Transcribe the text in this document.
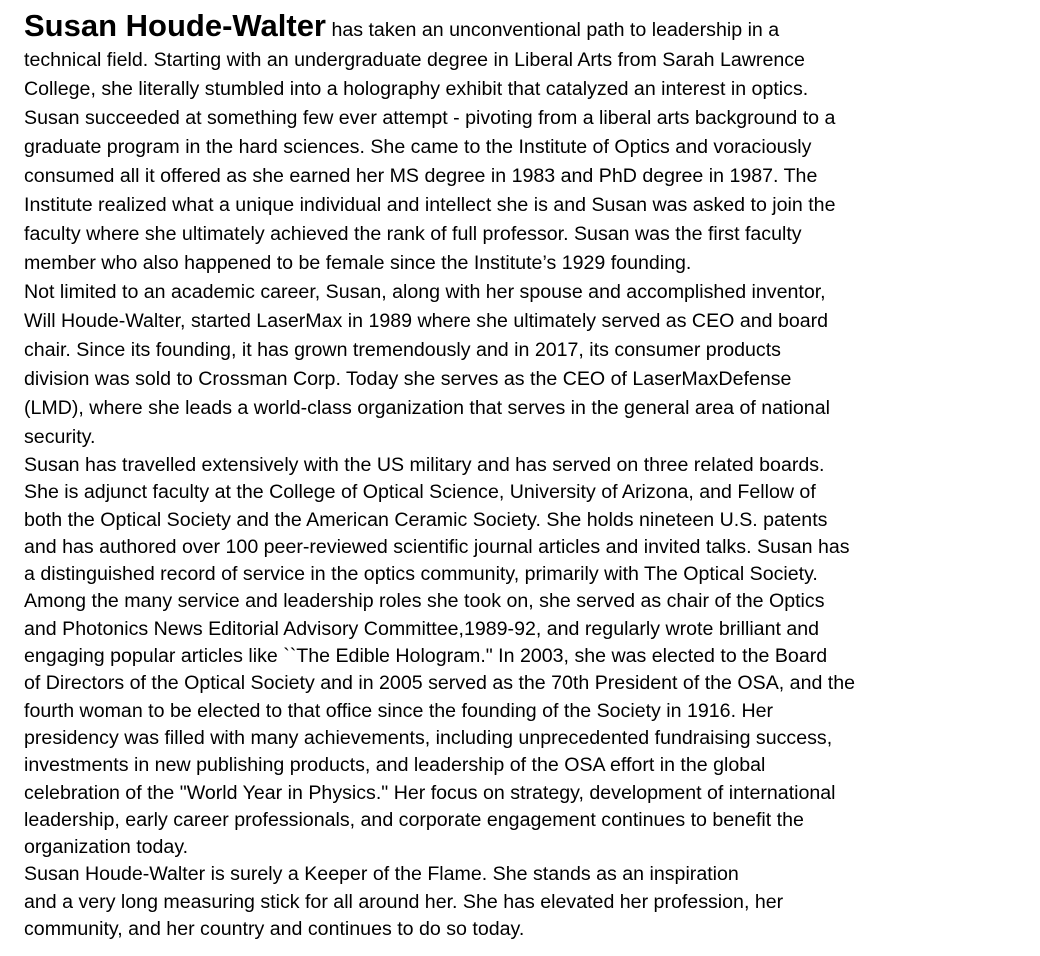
Susan Houde-Walter has taken an unconventional path to leadership in a
technical field. Starting with an undergraduate degree in Liberal Arts from Sarah Lawrence
College, she literally stumbled into a holography exhibit that catalyzed an interest in optics.
Susan succeeded at something few ever attempt - pivoting from a liberal arts background to a
graduate program in the hard sciences. She came to the Institute of Optics and voraciously
consumed all it offered as she earned her MS degree in 1983 and PhD degree in 1987. The
Institute realized what a unique individual and intellect she is and Susan was asked to join the
faculty where she ultimately achieved the rank of full professor. Susan was the first faculty
member who also happened to be female since the Institute’s 1929 founding.
Not limited to an academic career, Susan, along with her spouse and accomplished inventor,
Will Houde-Walter, started LaserMax in 1989 where she ultimately served as CEO and board
chair. Since its founding, it has grown tremendously and in 2017, its consumer products
division was sold to Crossman Corp. Today she serves as the CEO of LaserMaxDefense
(LMD), where she leads a world-class organization that serves in the general area of national
security.
Susan has travelled extensively with the US military and has served on three related boards.
She is adjunct faculty at the College of Optical Science, University of Arizona, and Fellow of
both the Optical Society and the American Ceramic Society. She holds nineteen U.S. patents
and has authored over 100 peer-reviewed scientific journal articles and invited talks. Susan has
a distinguished record of service in the optics community, primarily with The Optical Society.
Among the many service and leadership roles she took on, she served as chair of the Optics
and Photonics News Editorial Advisory Committee,1989-92, and regularly wrote brilliant and
engaging popular articles like ``The Edible Hologram." In 2003, she was elected to the Board
of Directors of the Optical Society and in 2005 served as the 70th President of the OSA, and the
fourth woman to be elected to that office since the founding of the Society in 1916. Her
presidency was filled with many achievements, including unprecedented fundraising success,
investments in new publishing products, and leadership of the OSA effort in the global
celebration of the "World Year in Physics." Her focus on strategy, development of international
leadership, early career professionals, and corporate engagement continues to benefit the
organization today.
Susan Houde-Walter is surely a Keeper of the Flame. She stands as an inspiration
and a very long measuring stick for all around her. She has elevated her profession, her
community, and her country and continues to do so today.
